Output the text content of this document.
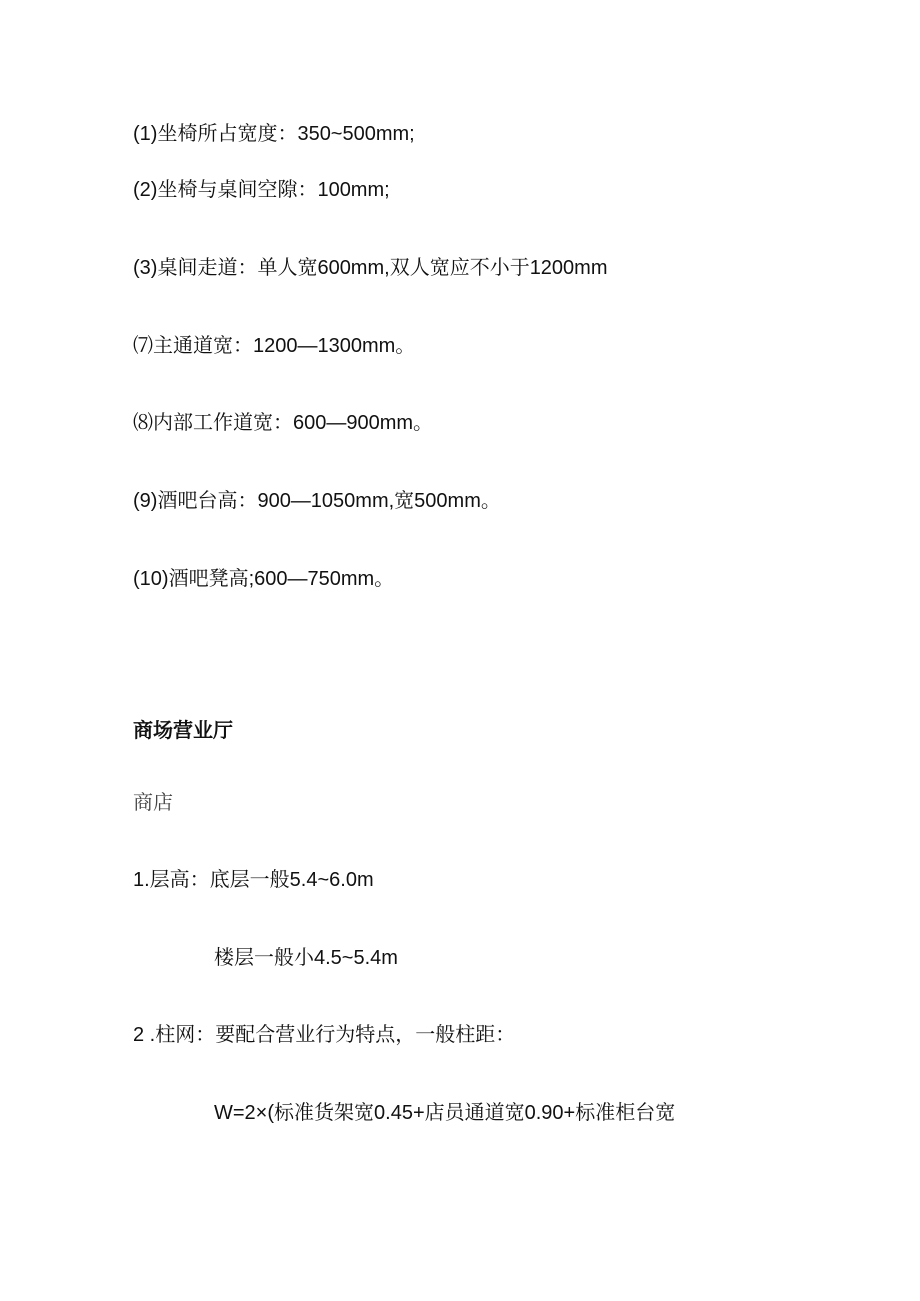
(1)坐椅所占宽度：350~500mm;
(2)坐椅与桌间空隙：100mm;
(3)桌间走道：单人宽600mm,双人宽应不小于1200mm
⑺主通道宽：1200—1300mm。
⑻内部工作道宽：600—900mm。
(9)酒吧台高：900—1050mm,宽500mm。
(10)酒吧凳高;600—750mm。
商场营业厅
商店
1.层高：底层一般5.4~6.0m
楼层一般小4.5~5.4m
2 .柱网：要配合营业行为特点，一般柱距：
W=2×(标准货架宽0.45+店员通道宽0.90+标准柜台宽
